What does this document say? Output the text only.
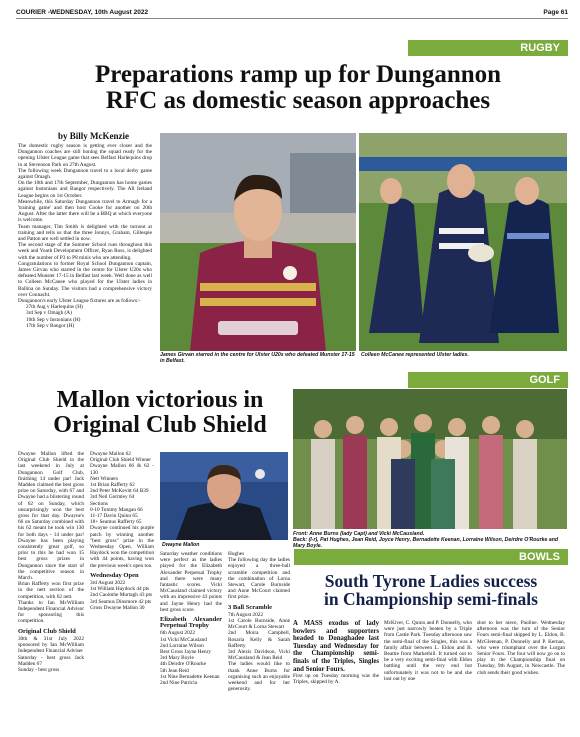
COURIER -WEDNESDAY, 10th August 2022	Page 61
RUGBY
Preparations ramp up for Dungannon
RFC as domestic season approaches
by Billy McKenzie

The domestic rugby season is getting ever closer and the Dungannon coaches are still honing the squad ready for the opening Ulster League game that sees Belfast Harlequins drop in at Stevenson Park on 27th August.

The following week Dungannon travel to a local derby game against Omagh.

On the 10th and 17th September, Dungannon has home games against Instonians and Bangor respectively. The All Ireland League begins on 1st October.

Meanwhile, this Saturday Dungannon travel to Armagh for a 'training game' and then host Cooke for another on 20th August. After the latter there will be a BBQ at which everyone is welcome.

Team manager, Tim Smith is delighted with the turnout at training and tells us that the three Jonnys, Graham, Gillespie and Patton are well settled in now.

The second stage of the Summer School runs throughout this week and Youth Development Officer, Ryan Ross, is delighted with the number of P3 to P8 minis who are attending.

Congratulations to former Royal School Dungannon captain, James Girvan who starred in the centre for Ulster U20s who defeated Munster 17-15 in Belfast last week. Well done as well to Colleen McCanee who played for the Ulster ladies in Ballina on Sunday. The visitors had a comprehensive victory over Connacht.

Dungannon's early Ulster League fixtures are as follows:-

27th Aug v Harlequins (H)

3rd Sep v Omagh (A)

10th Sep v Instonians (H)

17th Sep v Bangor (H)

James Girvan starred in the centre for Ulster U20s who defeated Munster 17-15 in Belfast.
Colleen McCanee represented Ulster ladies.
GOLF
Mallon victorious in
Original Club Shield

Dwayne Mallon lifted the Original Club Shield in the last weekend in July at Dungannon Golf Club, finishing 14 under par! Jack Madden claimed the best gross prize on Saturday, with 67 and Dwayne had a blistering round of 62 on Sunday, which unsurprisingly won the best gross for that day. Dwayne's 66 on Saturday combined with his 62 meant he took win 130 for both days - 14 under par! Dwayne has been playing consistently great golf, so prior to this he had won 15 best gross prizes in Dungannon since the start of the competitive season in March.

Brian Rafferty won first prize in the nett section of the competition, with 62 nett.

Thanks to Ian McWilliam Independent Financial Advisor for sponsoring this competition.

Original Club Shield

30th & 31st July 2022 sponsored by Ian McWilliam Independent Financial Adviser

Saturday - best gross Jack Madden 67

Sunday - best gross

Dwayne Mallon 62

Original Club Shield Winner

Dwayne Mallon 66 & 62 - 130

Nett Winners

1st Brian Rafferty 62

2nd Peter McKevitt 64 B39

3rd Neil Gormley 64

Sections

0-10 Tommy Mangan 66

11-17 Davin Quinn 65

18+ Seamus Rafferty 65

Dwayne continued his purple patch by winning another "best gross" prize in the Wednesday Open. William Haydock won the competition with 44 points, having won the previous week's open too.

Wednesday Open

3rd August 2022

1st William Haydock 44 pts

2nd Caoimhe Murtagh 43 pts

3rd Seamus Dinsmore 42 pts

Gross Dwayne Mallon 30

Dwayne Mallon

Saturday weather conditions were perfect as the ladies played for the Elizabeth Alexander Perpetual Trophy and there were many fantastic scores. Vicki McCausland claimed victory with an impressive 43 points and Jayne Henry had the best gross score.

Elizabeth Alexander Perpetual Trophy

6th August 2022

1st Vicki McCausland

2nd Lorraine Wilson

Best Gross Jayne Henry

3rd Mary Boyle

4th Deirdre O'Rourke

5th Jean Reid

1st Nine Bernadette Keenan

2nd Nine Patricia

Hughes

The following day the ladies enjoyed a three-ball scramble competition and the combination of Lorna Stewart, Carole Burnside and Anne McCourt claimed first prize.

3 Ball Scramble

7th August 2022

1st Carole Burnside, Anne McCourt & Lorna Stewart

2nd Moira Campbell, Rosaria Kelly & Sarah Rafferty

3rd Alexis Davidson, Vicki McCausland & Jean Reid

The ladies would like to thank Anne Burns for organising such an enjoyable weekend and for her generosity.

Front: Anne Burns (lady Capt) and Vicki McCausland.
Back: (l-r), Pat Hughes, Jean Reid, Joyce Henry, Bernadette Keenan, Lorraine Wilson, Deirdre O'Rourke and Mary Boyle.
BOWLS
South Tyrone Ladies success
in Championship semi-finals

A MASS exodus of lady bowlers and supporters headed to Donaghadee last Tuesday and Wednesday for the Championship semi-finals of the Triples, Singles and Senior Fours.

First up on Tuesday morning was the Triples, skipped by A.

McKiver, C. Quinn and P. Donnelly, who were just narrowly beaten by a Triple from Castle Park. Tuesday afternoon saw the semi-final of the Singles, this was a family affair between L. Eldon and B. Beattie from Markethill. It turned out to be a very exciting semi-final with Eldon battling until the very end but unfortunately it was not to be and she lost out by one

shot to her niece, Pauline. Wednesday afternoon was the turn of the Senior Fours semi-final skipped by L. Eldon, B. McGleenan, P. Donnelly and P. Kernan, who were triumphant over the Lurgan Senior Fours. The four will now go on to play in the Championship final on Tuesday, 9th August, in Newcastle. The club sends their good wishes.
